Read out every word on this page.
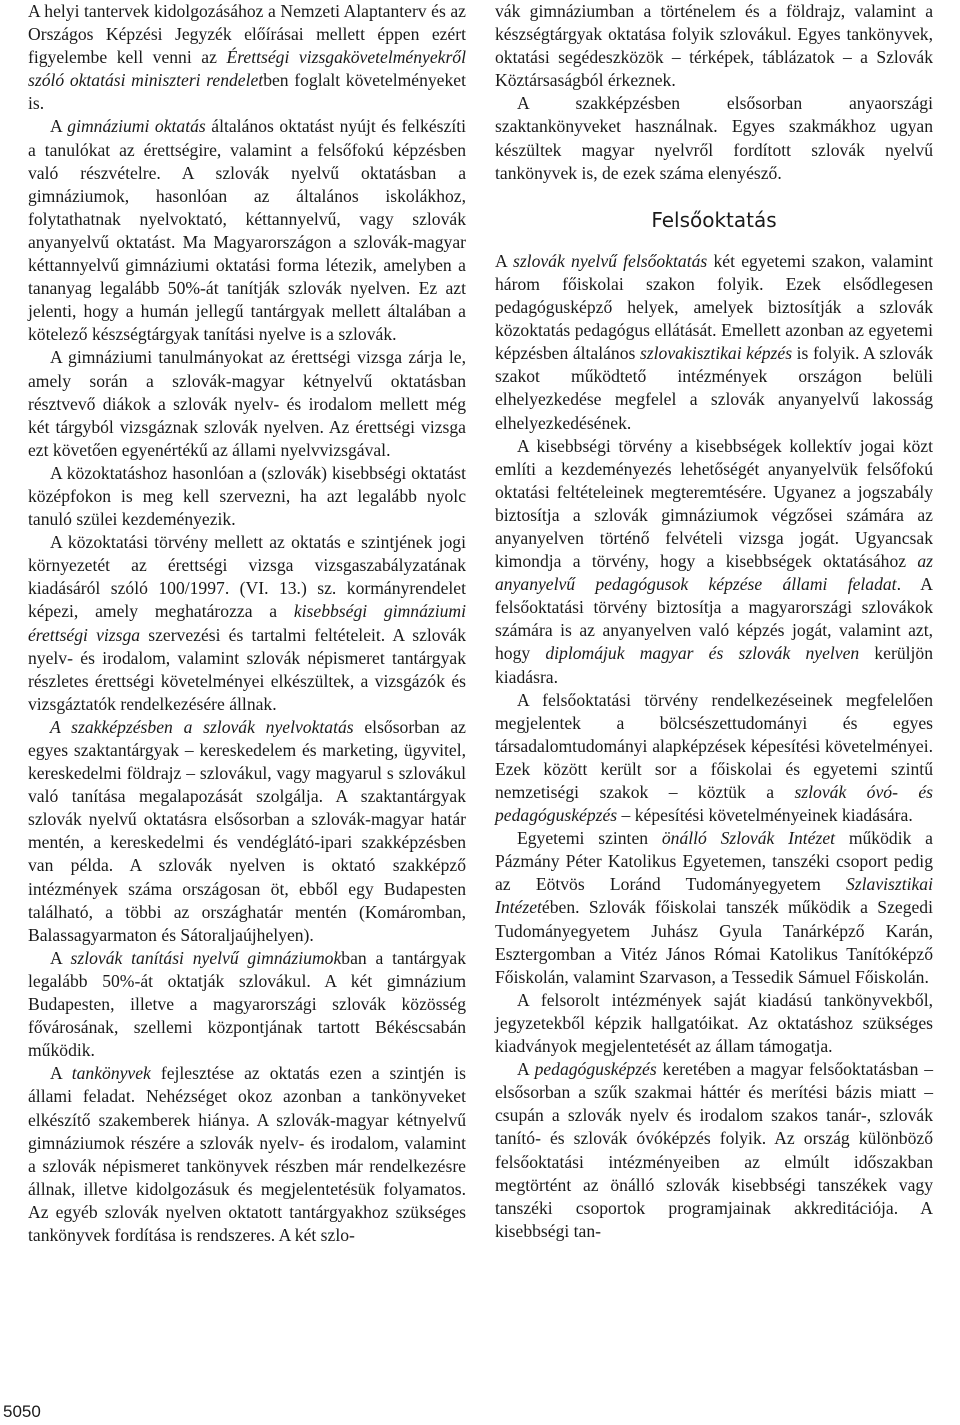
A helyi tantervek kidolgozásához a Nemzeti Alaptanterv és az Országos Képzési Jegyzék előírásai mellett éppen ezért figyelembe kell venni az Érettségi vizsgakövetelményekről szóló oktatási miniszteri rendeletben foglalt követelményeket is.

A gimnáziumi oktatás általános oktatást nyújt és felkészíti a tanulókat az érettségire, valamint a felsőfokú képzésben való részvételre. A szlovák nyelvű oktatásban a gimnáziumok, hasonlóan az általános iskolákhoz, folytathatnak nyelvoktató, kéttannyelvű, vagy szlovák anyanyelvű oktatást. Ma Magyarországon a szlovák-magyar kéttannyelvű gimnáziumi oktatási forma létezik, amelyben a tananyag legalább 50%-át tanítják szlovák nyelven. Ez azt jelenti, hogy a humán jellegű tantárgyak mellett általában a kötelező készségtárgyak tanítási nyelve is a szlovák.

A gimnáziumi tanulmányokat az érettségi vizsga zárja le, amely során a szlovák-magyar kétnyelvű oktatásban résztvevő diákok a szlovák nyelv- és irodalom mellett még két tárgyból vizsgáznak szlovák nyelven. Az érettségi vizsga ezt követően egyenértékű az állami nyelvvizsgával.

A közoktatáshoz hasonlóan a (szlovák) kisebbségi oktatást középfokon is meg kell szervezni, ha azt legalább nyolc tanuló szülei kezdeményezik.

A közoktatási törvény mellett az oktatás e szintjének jogi környezetét az érettségi vizsga vizsgaszabályzatának kiadásáról szóló 100/1997. (VI. 13.) sz. kormányrendelet képezi, amely meghatározza a kisebbségi gimnáziumi érettségi vizsga szervezési és tartalmi feltételeit. A szlovák nyelv- és irodalom, valamint szlovák népismeret tantárgyak részletes érettségi követelményei elkészültek, a vizsgázók és vizsgáztatók rendelkezésére állnak.

A szakképzésben a szlovák nyelvoktatás elsősorban az egyes szaktantárgyak – kereskedelem és marketing, ügyvitel, kereskedelmi földrajz – szlovákul, vagy magyarul s szlovákul való tanítása megalapozását szolgálja. A szaktantárgyak szlovák nyelvű oktatásra elsősorban a szlovák-magyar határ mentén, a kereskedelmi és vendéglátó-ipari szakképzésben van példa. A szlovák nyelven is oktató szakképző intézmények száma országosan öt, ebből egy Budapesten található, a többi az országhatár mentén (Komáromban, Balassagyarmaton és Sátoraljaújhelyen).

A szlovák tanítási nyelvű gimnáziumokban a tantárgyak legalább 50%-át oktatják szlovákul. A két gimnázium Budapesten, illetve a magyarországi szlovák közösség fővárosának, szellemi központjának tartott Békéscsabán működik.

A tankönyvek fejlesztése az oktatás ezen a szintjén is állami feladat. Nehézséget okoz azonban a tankönyveket elkészítő szakemberek hiánya. A szlovák-magyar kétnyelvű gimnáziumok részére a szlovák nyelv- és irodalom, valamint a szlovák népismeret tankönyvek részben már rendelkezésre állnak, illetve kidolgozásuk és megjelentetésük folyamatos. Az egyéb szlovák nyelven oktatott tantárgyakhoz szükséges tankönyvek fordítása is rendszeres. A két szlo-

vák gimnáziumban a történelem és a földrajz, valamint a készségtárgyak oktatása folyik szlovákul. Egyes tankönyvek, oktatási segédeszközök – térképek, táblázatok – a Szlovák Köztársaságból érkeznek.

A szakképzésben elsősorban anyaországi szaktankönyveket használnak. Egyes szakmákhoz ugyan készültek magyar nyelvről fordított szlovák nyelvű tankönyvek is, de ezek száma elenyésző.

Felsőoktatás

A szlovák nyelvű felsőoktatás két egyetemi szakon, valamint három főiskolai szakon folyik. Ezek elsődlegesen pedagógusképző helyek, amelyek biztosítják a szlovák közoktatás pedagógus ellátását. Emellett azonban az egyetemi képzésben általános szlovakisztikai képzés is folyik. A szlovák szakot működtető intézmények országon belüli elhelyezkedése megfelel a szlovák anyanyelvű lakosság elhelyezkedésének.

A kisebbségi törvény a kisebbségek kollektív jogai közt említi a kezdeményezés lehetőségét anyanyelvük felsőfokú oktatási feltételeinek megteremtésére. Ugyanez a jogszabály biztosítja a szlovák gimnáziumok végzősei számára az anyanyelven történő felvételi vizsga jogát. Ugyancsak kimondja a törvény, hogy a kisebbségek oktatásához az anyanyelvű pedagógusok képzése állami feladat. A felsőoktatási törvény biztosítja a magyarországi szlovákok számára is az anyanyelven való képzés jogát, valamint azt, hogy diplomájuk magyar és szlovák nyelven kerüljön kiadásra.

A felsőoktatási törvény rendelkezéseinek megfelelően megjelentek a bölcsészettudományi és egyes társadalomtudományi alapképzések képesítési követelményei. Ezek között került sor a főiskolai és egyetemi szintű nemzetiségi szakok – köztük a szlovák óvó- és pedagógusképzés – képesítési követelményeinek kiadására.

Egyetemi szinten önálló Szlovák Intézet működik a Pázmány Péter Katolikus Egyetemen, tanszéki csoport pedig az Eötvös Loránd Tudományegyetem Szlavisztikai Intézetében. Szlovák főiskolai tanszék működik a Szegedi Tudományegyetem Juhász Gyula Tanárképző Karán, Esztergomban a Vitéz János Római Katolikus Tanítóképző Főiskolán, valamint Szarvason, a Tessedik Sámuel Főiskolán.

A felsorolt intézmények saját kiadású tankönyvekből, jegyzetekből képzik hallgatóikat. Az oktatáshoz szükséges kiadványok megjelentetését az állam támogatja.

A pedagógusképzés keretében a magyar felsőoktatásban – elsősorban a szűk szakmai háttér és merítési bázis miatt – csupán a szlovák nyelv és irodalom szakos tanár-, szlovák tanító- és szlovák óvóképzés folyik. Az ország különböző felsőoktatási intézményeiben az elmúlt időszakban megtörtént az önálló szlovák kisebbségi tanszékek vagy tanszéki csoportok programjainak akkreditációja. A kisebbségi tan-

5050
